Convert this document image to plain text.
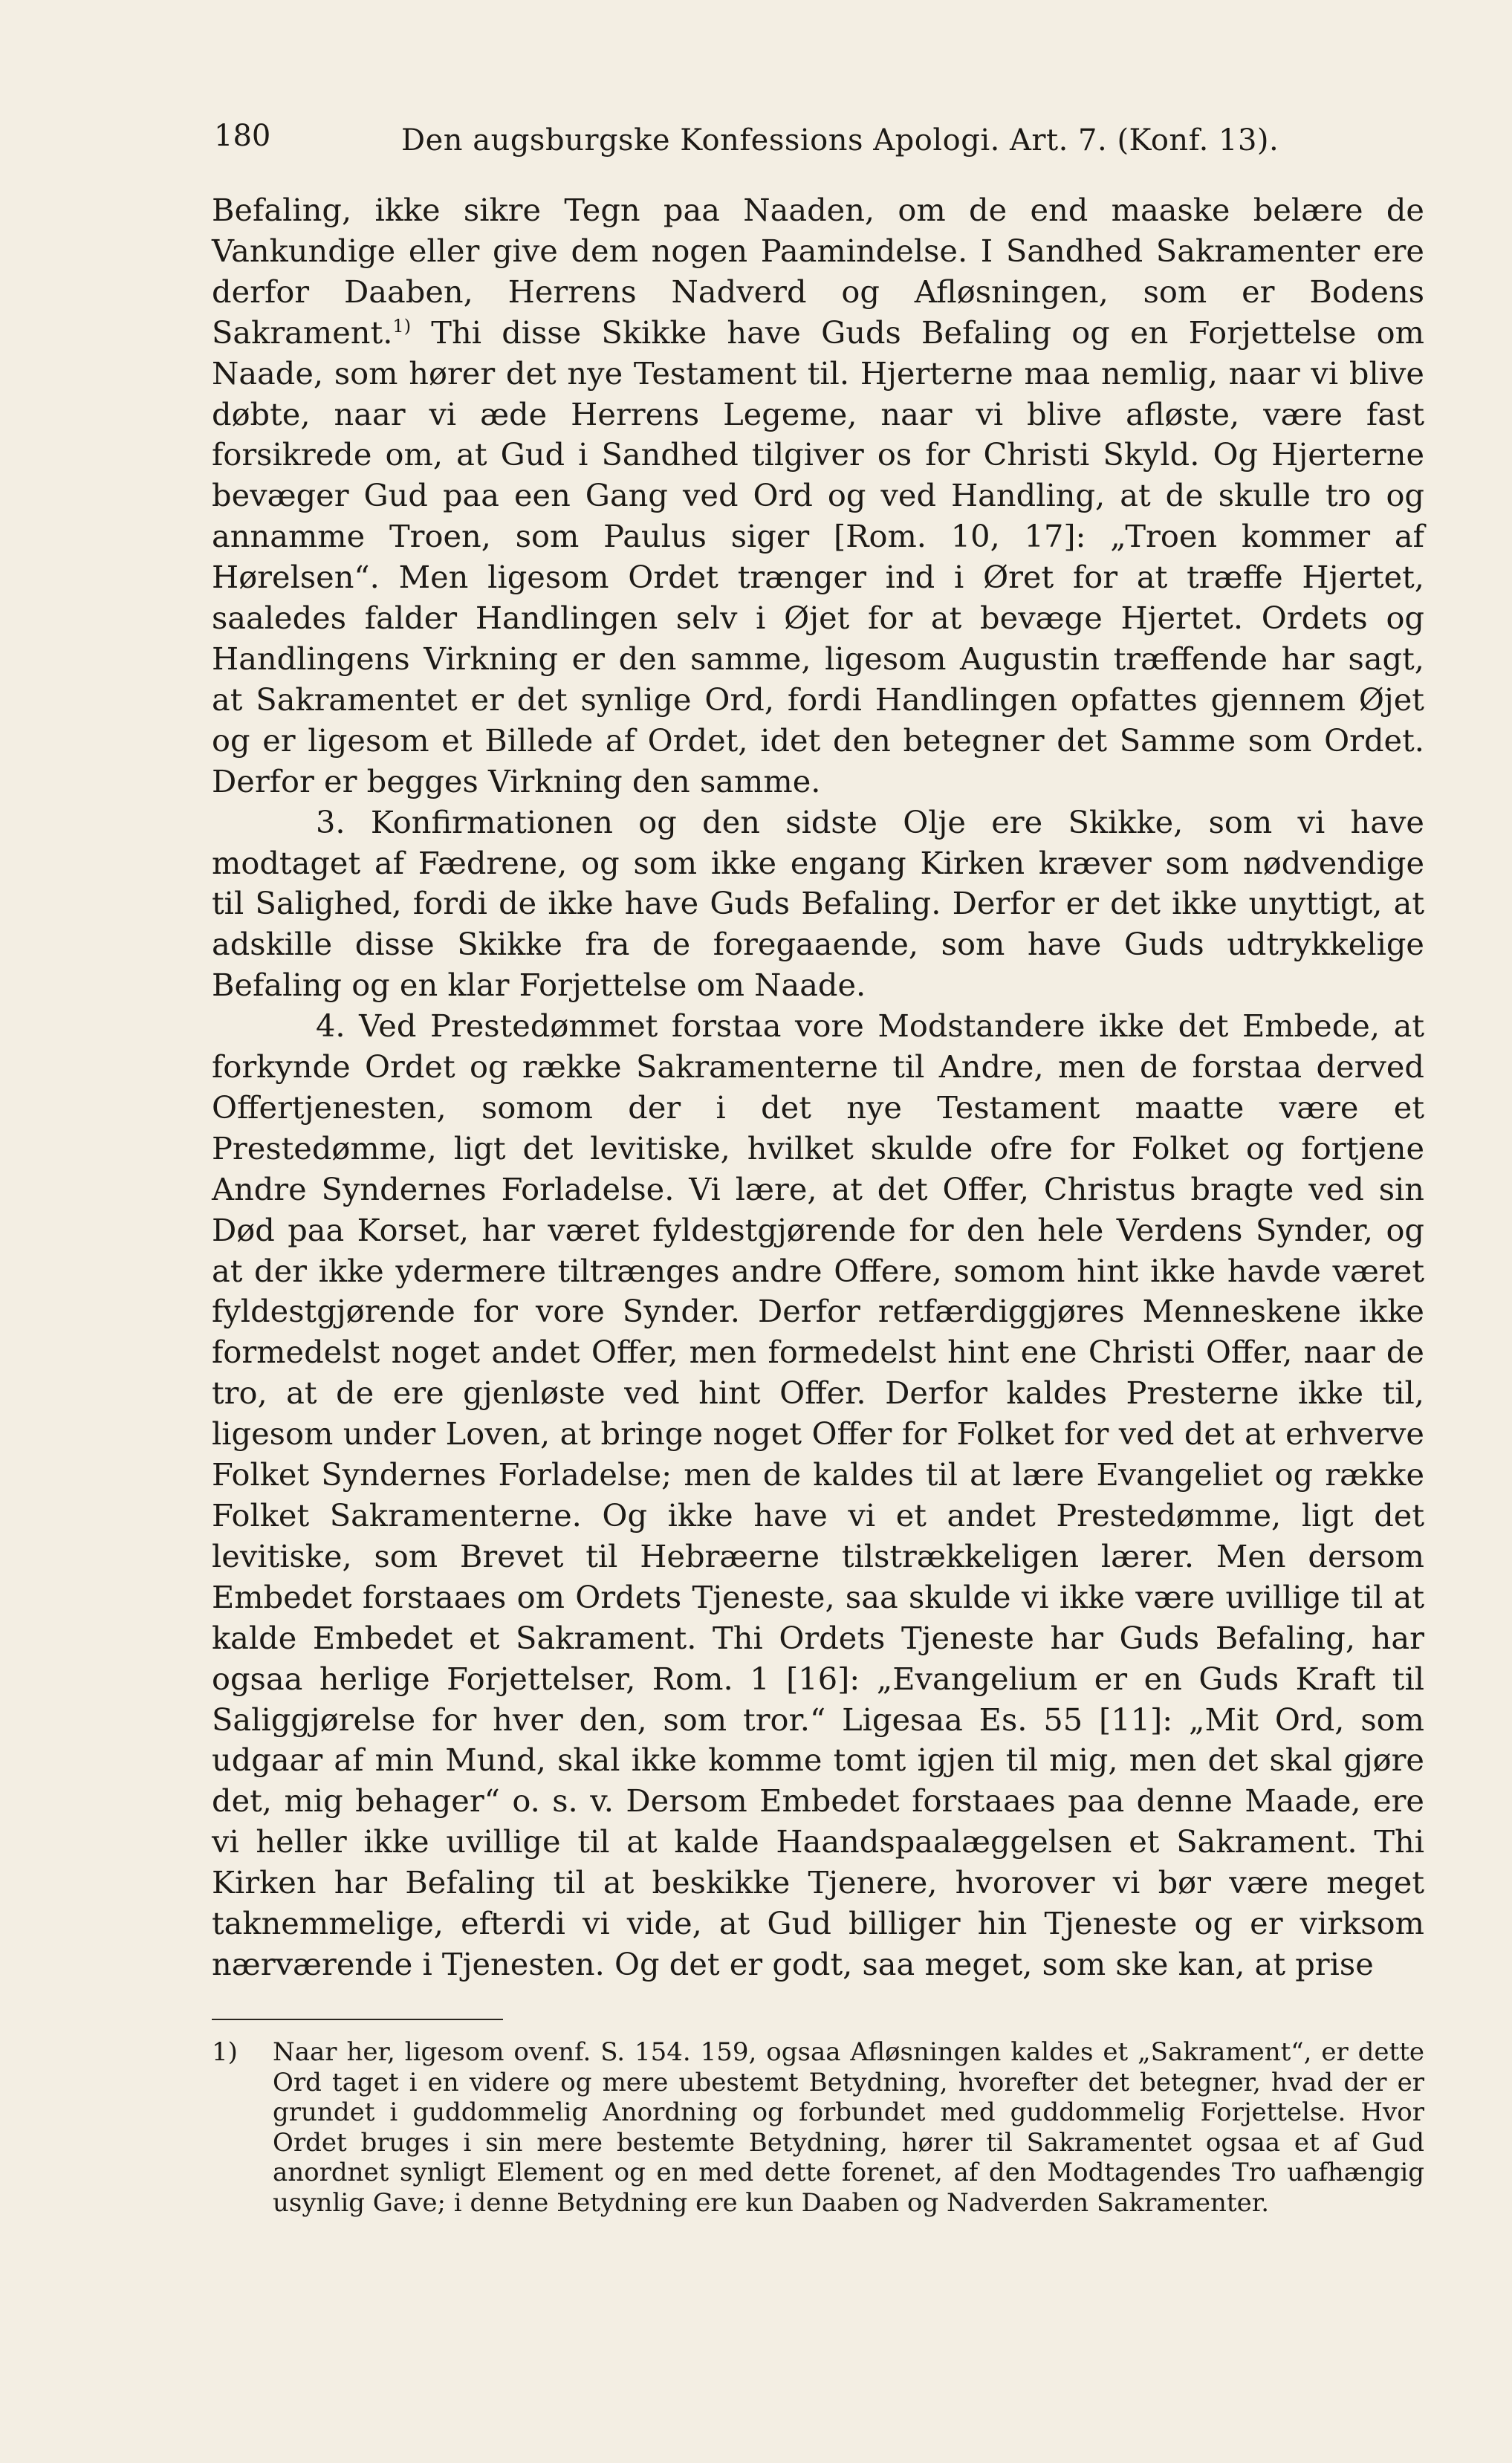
180	Den augsburgske Konfessions Apologi. Art. 7. (Konf. 13).

Befaling, ikke sikre Tegn paa Naaden, om de end maaske belære de Vankundige eller give dem nogen Paamindelse. I Sandhed Sakramenter ere derfor Daaben, Herrens Nadverd og Afløsningen, som er Bodens Sakrament.$^{1)}$ Thi disse Skikke have Guds Befaling og en Forjettelse om Naade, som hører det nye Testament til. Hjerterne maa nemlig, naar vi blive døbte, naar vi æde Herrens Legeme, naar vi blive afløste, være fast forsikrede om, at Gud i Sandhed tilgiver os for Christi Skyld. Og Hjerterne bevæger Gud paa een Gang ved Ord og ved Handling, at de skulle tro og annamme Troen, som Paulus siger [Rom. 10, 17]: „Troen kommer af Hørelsen“. Men ligesom Ordet trænger ind i Øret for at træffe Hjertet, saaledes falder Handlingen selv i Øjet for at bevæge Hjertet. Ordets og Handlingens Virkning er den samme, ligesom Augustin træffende har sagt, at Sakramentet er det synlige Ord, fordi Handlingen opfattes gjennem Øjet og er ligesom et Billede af Ordet, idet den betegner det Samme som Ordet. Derfor er begges Virkning den samme.

3. Konfirmationen og den sidste Olje ere Skikke, som vi have modtaget af Fædrene, og som ikke engang Kirken kræver som nødvendige til Salighed, fordi de ikke have Guds Befaling. Derfor er det ikke unyttigt, at adskille disse Skikke fra de foregaaende, som have Guds udtrykkelige Befaling og en klar Forjettelse om Naade.

4. Ved Prestedømmet forstaa vore Modstandere ikke det Embede, at forkynde Ordet og række Sakramenterne til Andre, men de forstaa derved Offertjenesten, somom der i det nye Testament maatte være et Prestedømme, ligt det levitiske, hvilket skulde ofre for Folket og fortjene Andre Syndernes Forladelse. Vi lære, at det Offer, Christus bragte ved sin Død paa Korset, har været fyldestgjørende for den hele Verdens Synder, og at der ikke ydermere tiltrænges andre Offere, somom hint ikke havde været fyldestgjørende for vore Synder. Derfor retfærdiggjøres Menneskene ikke formedelst noget andet Offer, men formedelst hint ene Christi Offer, naar de tro, at de ere gjenløste ved hint Offer. Derfor kaldes Presterne ikke til, ligesom under Loven, at bringe noget Offer for Folket for ved det at erhverve Folket Syndernes Forladelse; men de kaldes til at lære Evangeliet og række Folket Sakramenterne. Og ikke have vi et andet Prestedømme, ligt det levitiske, som Brevet til Hebræerne tilstrækkeligen lærer. Men dersom Embedet forstaaes om Ordets Tjeneste, saa skulde vi ikke være uvillige til at kalde Embedet et Sakrament. Thi Ordets Tjeneste har Guds Befaling, har ogsaa herlige Forjettelser, Rom. 1 [16]: „Evangelium er en Guds Kraft til Saliggjørelse for hver den, som tror.“ Ligesaa Es. 55 [11]: „Mit Ord, som udgaar af min Mund, skal ikke komme tomt igjen til mig, men det skal gjøre det, mig behager“ o. s. v. Dersom Embedet forstaaes paa denne Maade, ere vi heller ikke uvillige til at kalde Haandspaalæggelsen et Sakrament. Thi Kirken har Befaling til at beskikke Tjenere, hvorover vi bør være meget taknemmelige, efterdi vi vide, at Gud billiger hin Tjeneste og er virksom nærværende i Tjenesten. Og det er godt, saa meget, som ske kan, at prise

1) Naar her, ligesom ovenf. S. 154. 159, ogsaa Afløsningen kaldes et „Sakrament“, er dette Ord taget i en videre og mere ubestemt Betydning, hvorefter det betegner, hvad der er grundet i guddommelig Anordning og forbundet med guddommelig Forjettelse. Hvor Ordet bruges i sin mere bestemte Betydning, hører til Sakramentet ogsaa et af Gud anordnet synligt Element og en med dette forenet, af den Modtagendes Tro uafhængig usynlig Gave; i denne Betydning ere kun Daaben og Nadverden Sakramenter.
